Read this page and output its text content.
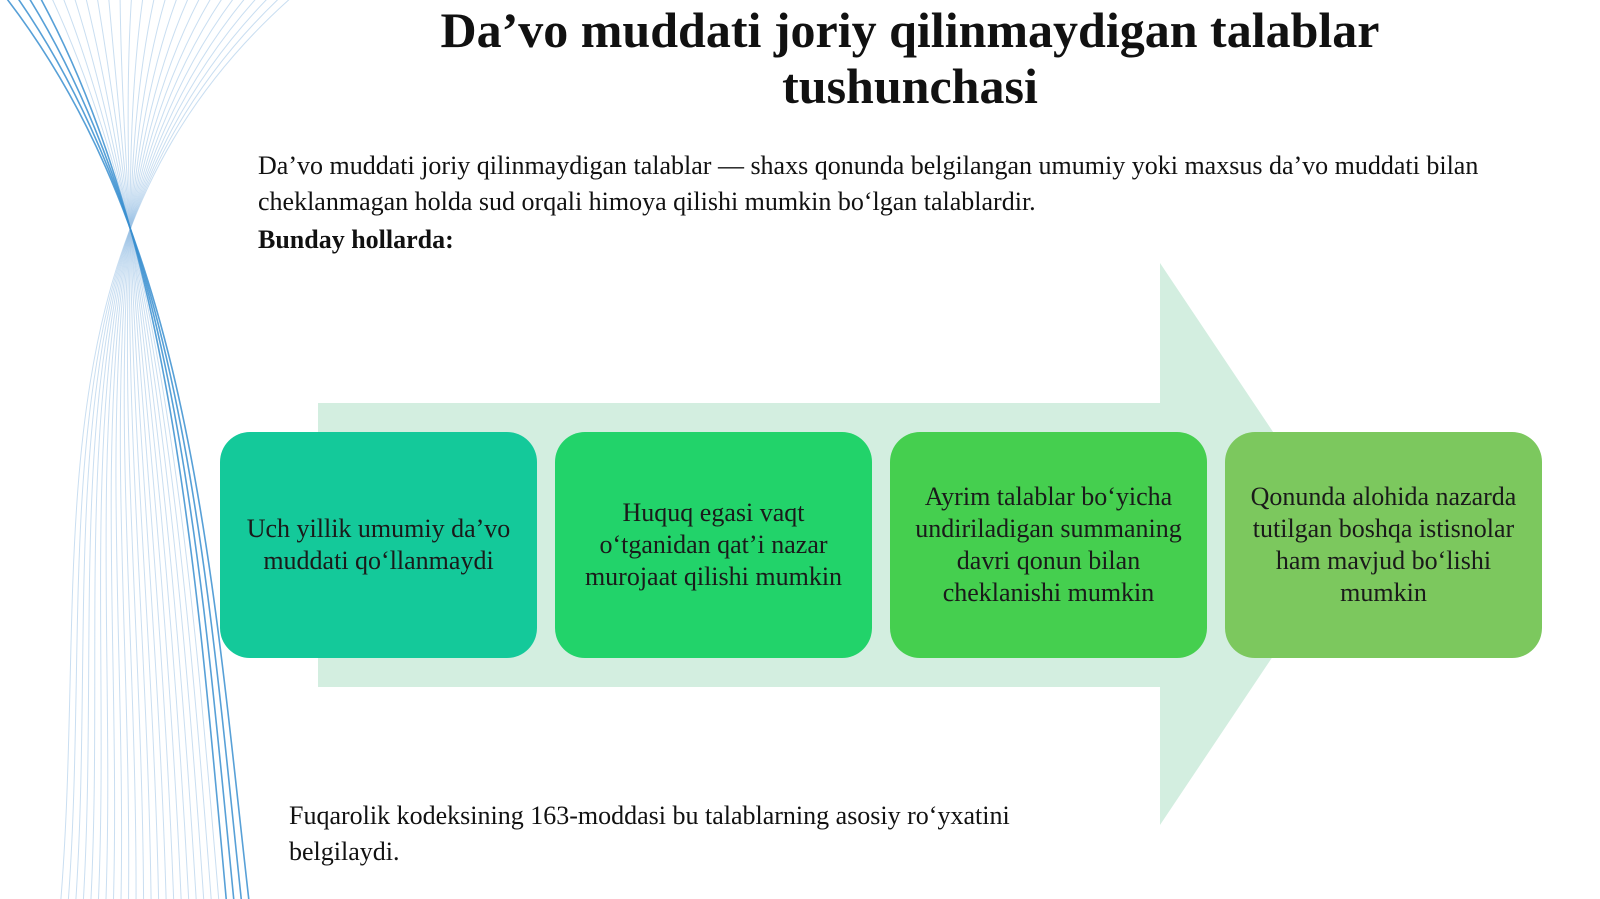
Da’vo muddati joriy qilinmaydigan talablar tushunchasi

Da’vo muddati joriy qilinmaydigan talablar — shaxs qonunda belgilangan umumiy yoki maxsus da’vo muddati bilan cheklanmagan holda sud orqali himoya qilishi mumkin bo‘lgan talablardir.

Bunday hollarda:

Uch yillik umumiy da’vo muddati qo‘llanmaydi
Huquq egasi vaqt o‘tganidan qat’i nazar murojaat qilishi mumkin
Ayrim talablar bo‘yicha undiriladigan summaning davri qonun bilan cheklanishi mumkin
Qonunda alohida nazarda tutilgan boshqa istisnolar ham mavjud bo‘lishi mumkin

Fuqarolik kodeksining 163-moddasi bu talablarning asosiy ro‘yxatini belgilaydi.
